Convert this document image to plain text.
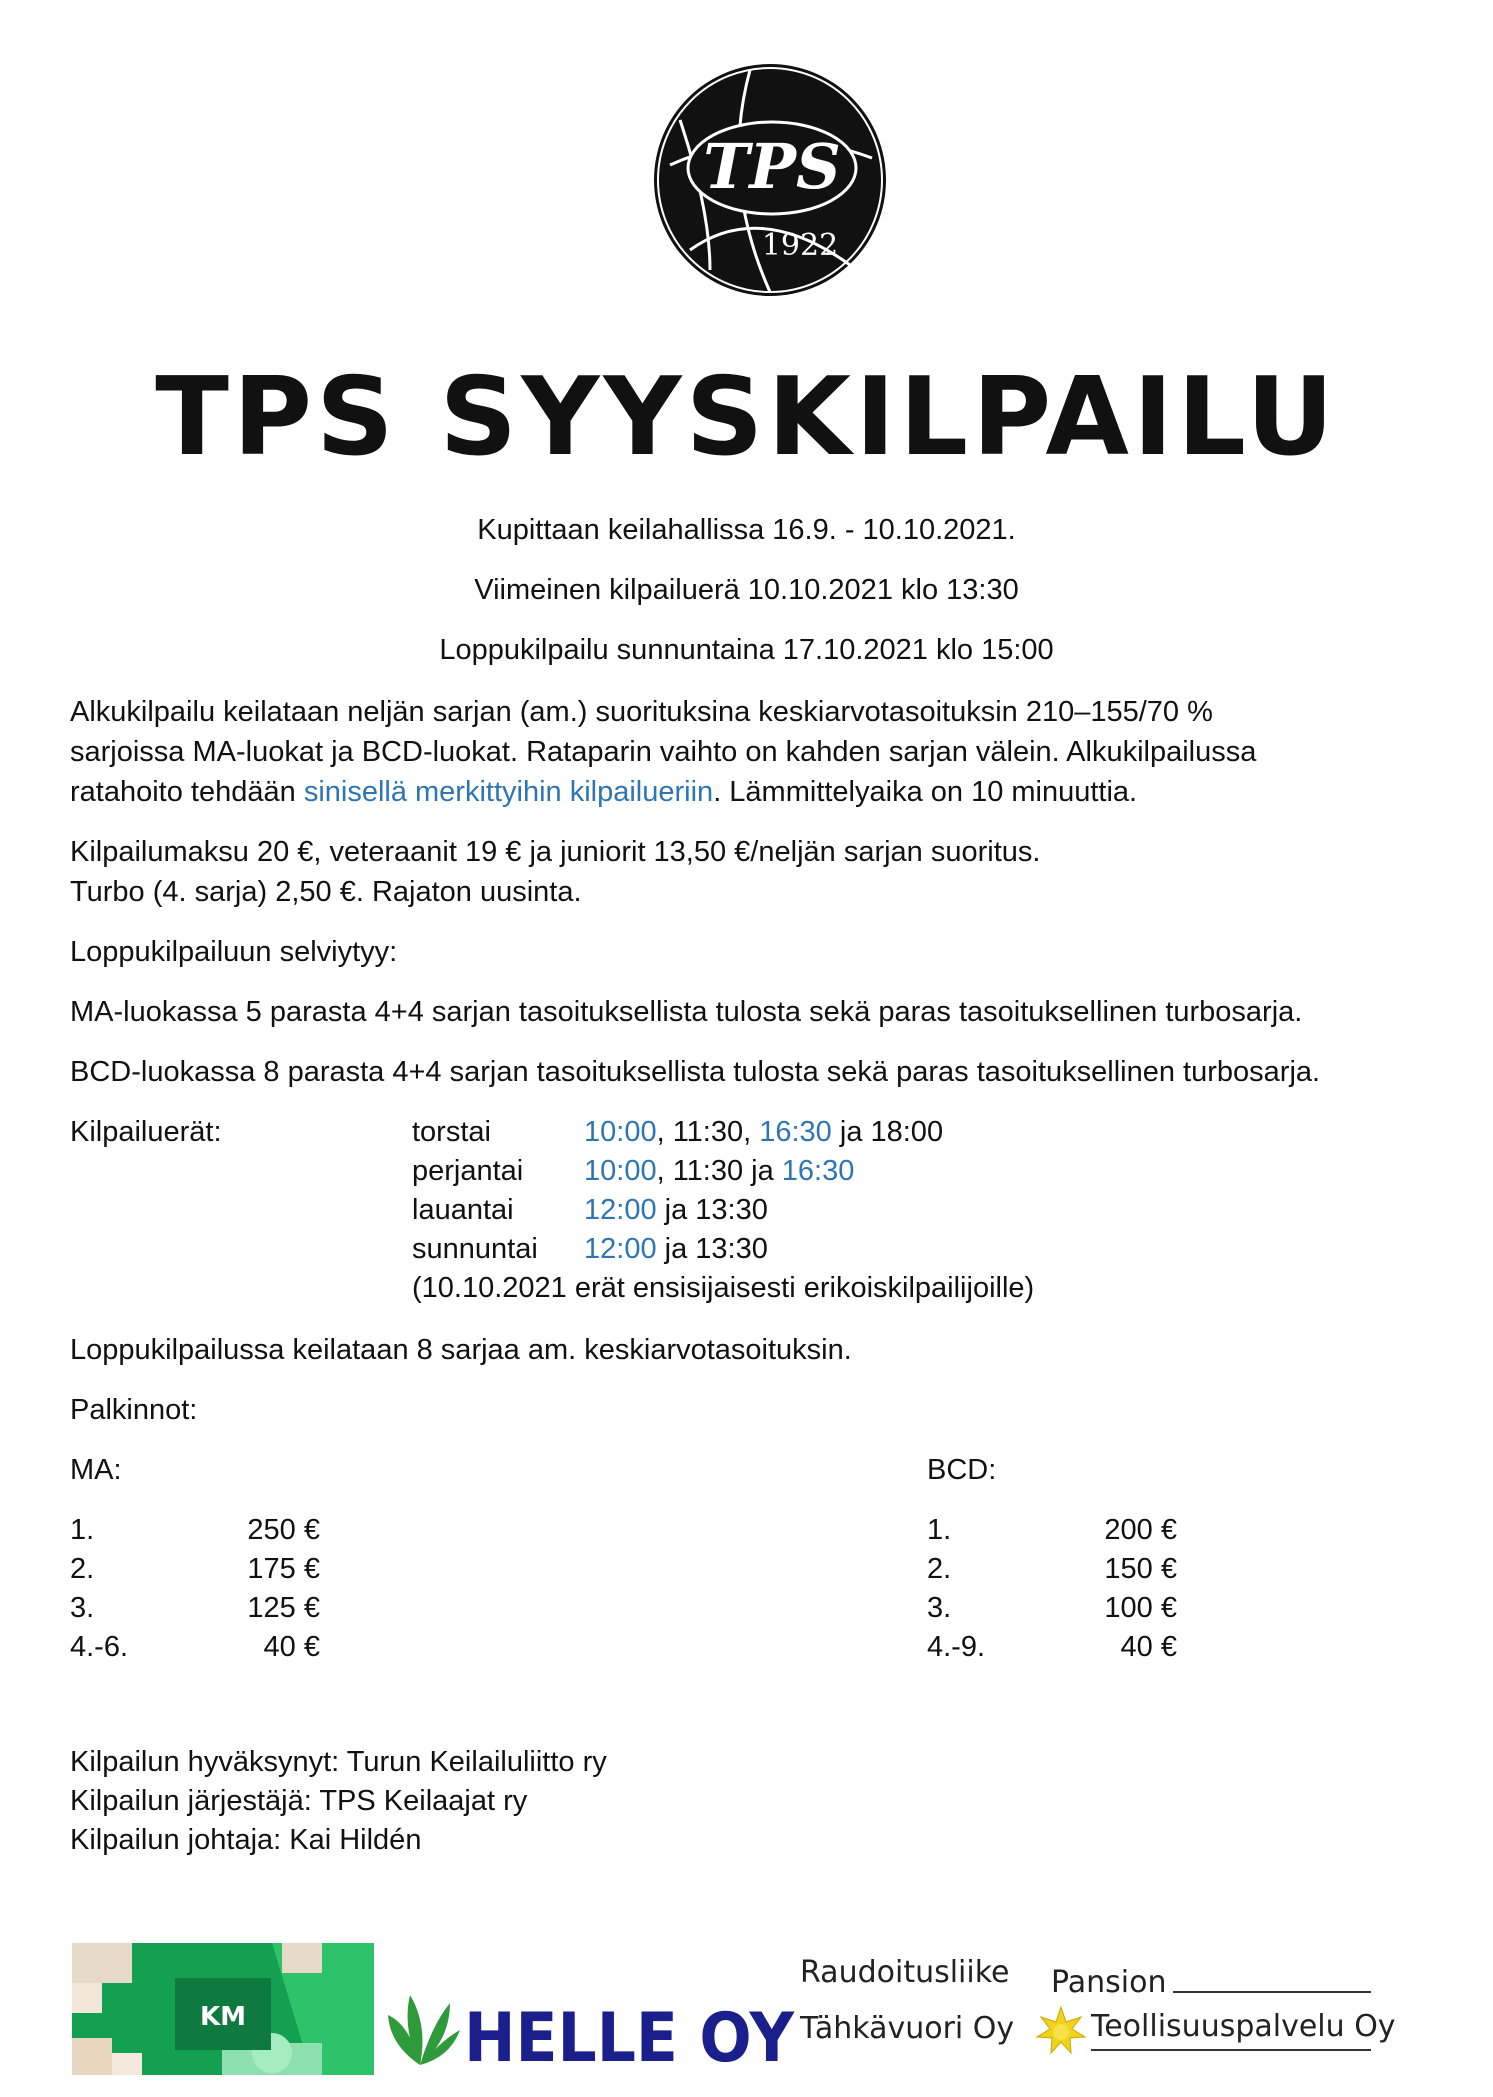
TPS
1922
TPS SYYSKILPAILU
Kupittaan keilahallissa 16.9. - 10.10.2021.
Viimeinen kilpailuerä 10.10.2021 klo 13:30
Loppukilpailu sunnuntaina 17.10.2021 klo 15:00
Alkukilpailu keilataan neljän sarjan (am.) suorituksina keskiarvotasoituksin 210–155/70 %
sarjoissa MA-luokat ja BCD-luokat. Rataparin vaihto on kahden sarjan välein. Alkukilpailussa
ratahoito tehdään sinisellä merkittyihin kilpailueriin. Lämmittelyaika on 10 minuuttia.
Kilpailumaksu 20 €, veteraanit 19 € ja juniorit 13,50 €/neljän sarjan suoritus.
Turbo (4. sarja) 2,50 €. Rajaton uusinta.
Loppukilpailuun selviytyy:
MA-luokassa 5 parasta 4+4 sarjan tasoituksellista tulosta sekä paras tasoituksellinen turbosarja.
BCD-luokassa 8 parasta 4+4 sarjan tasoituksellista tulosta sekä paras tasoituksellinen turbosarja.
Kilpailuerät:	torstai	10:00, 11:30, 16:30 ja 18:00
perjantai 10:00, 11:30 ja 16:30
lauantai 12:00 ja 13:30
sunnuntai 12:00 ja 13:30
(10.10.2021 erät ensisijaisesti erikoiskilpailijoille)
Loppukilpailussa keilataan 8 sarjaa am. keskiarvotasoituksin.
Palkinnot:
MA:	BCD:
1.	250 €
2.	175 €
3.	125 €
4.-6.	40 €
1.	200 €
2.	150 €
3.	100 €
4.-9.	40 €
Kilpailun hyväksynyt: Turun Keilailuliitto ry
Kilpailun järjestäjä: TPS Keilaajat ry
Kilpailun johtaja: Kai Hildén
KM	HELLE OY
Raudoitusliike
Tähkävuori Oy
Pansion
Teollisuuspalvelu Oy
